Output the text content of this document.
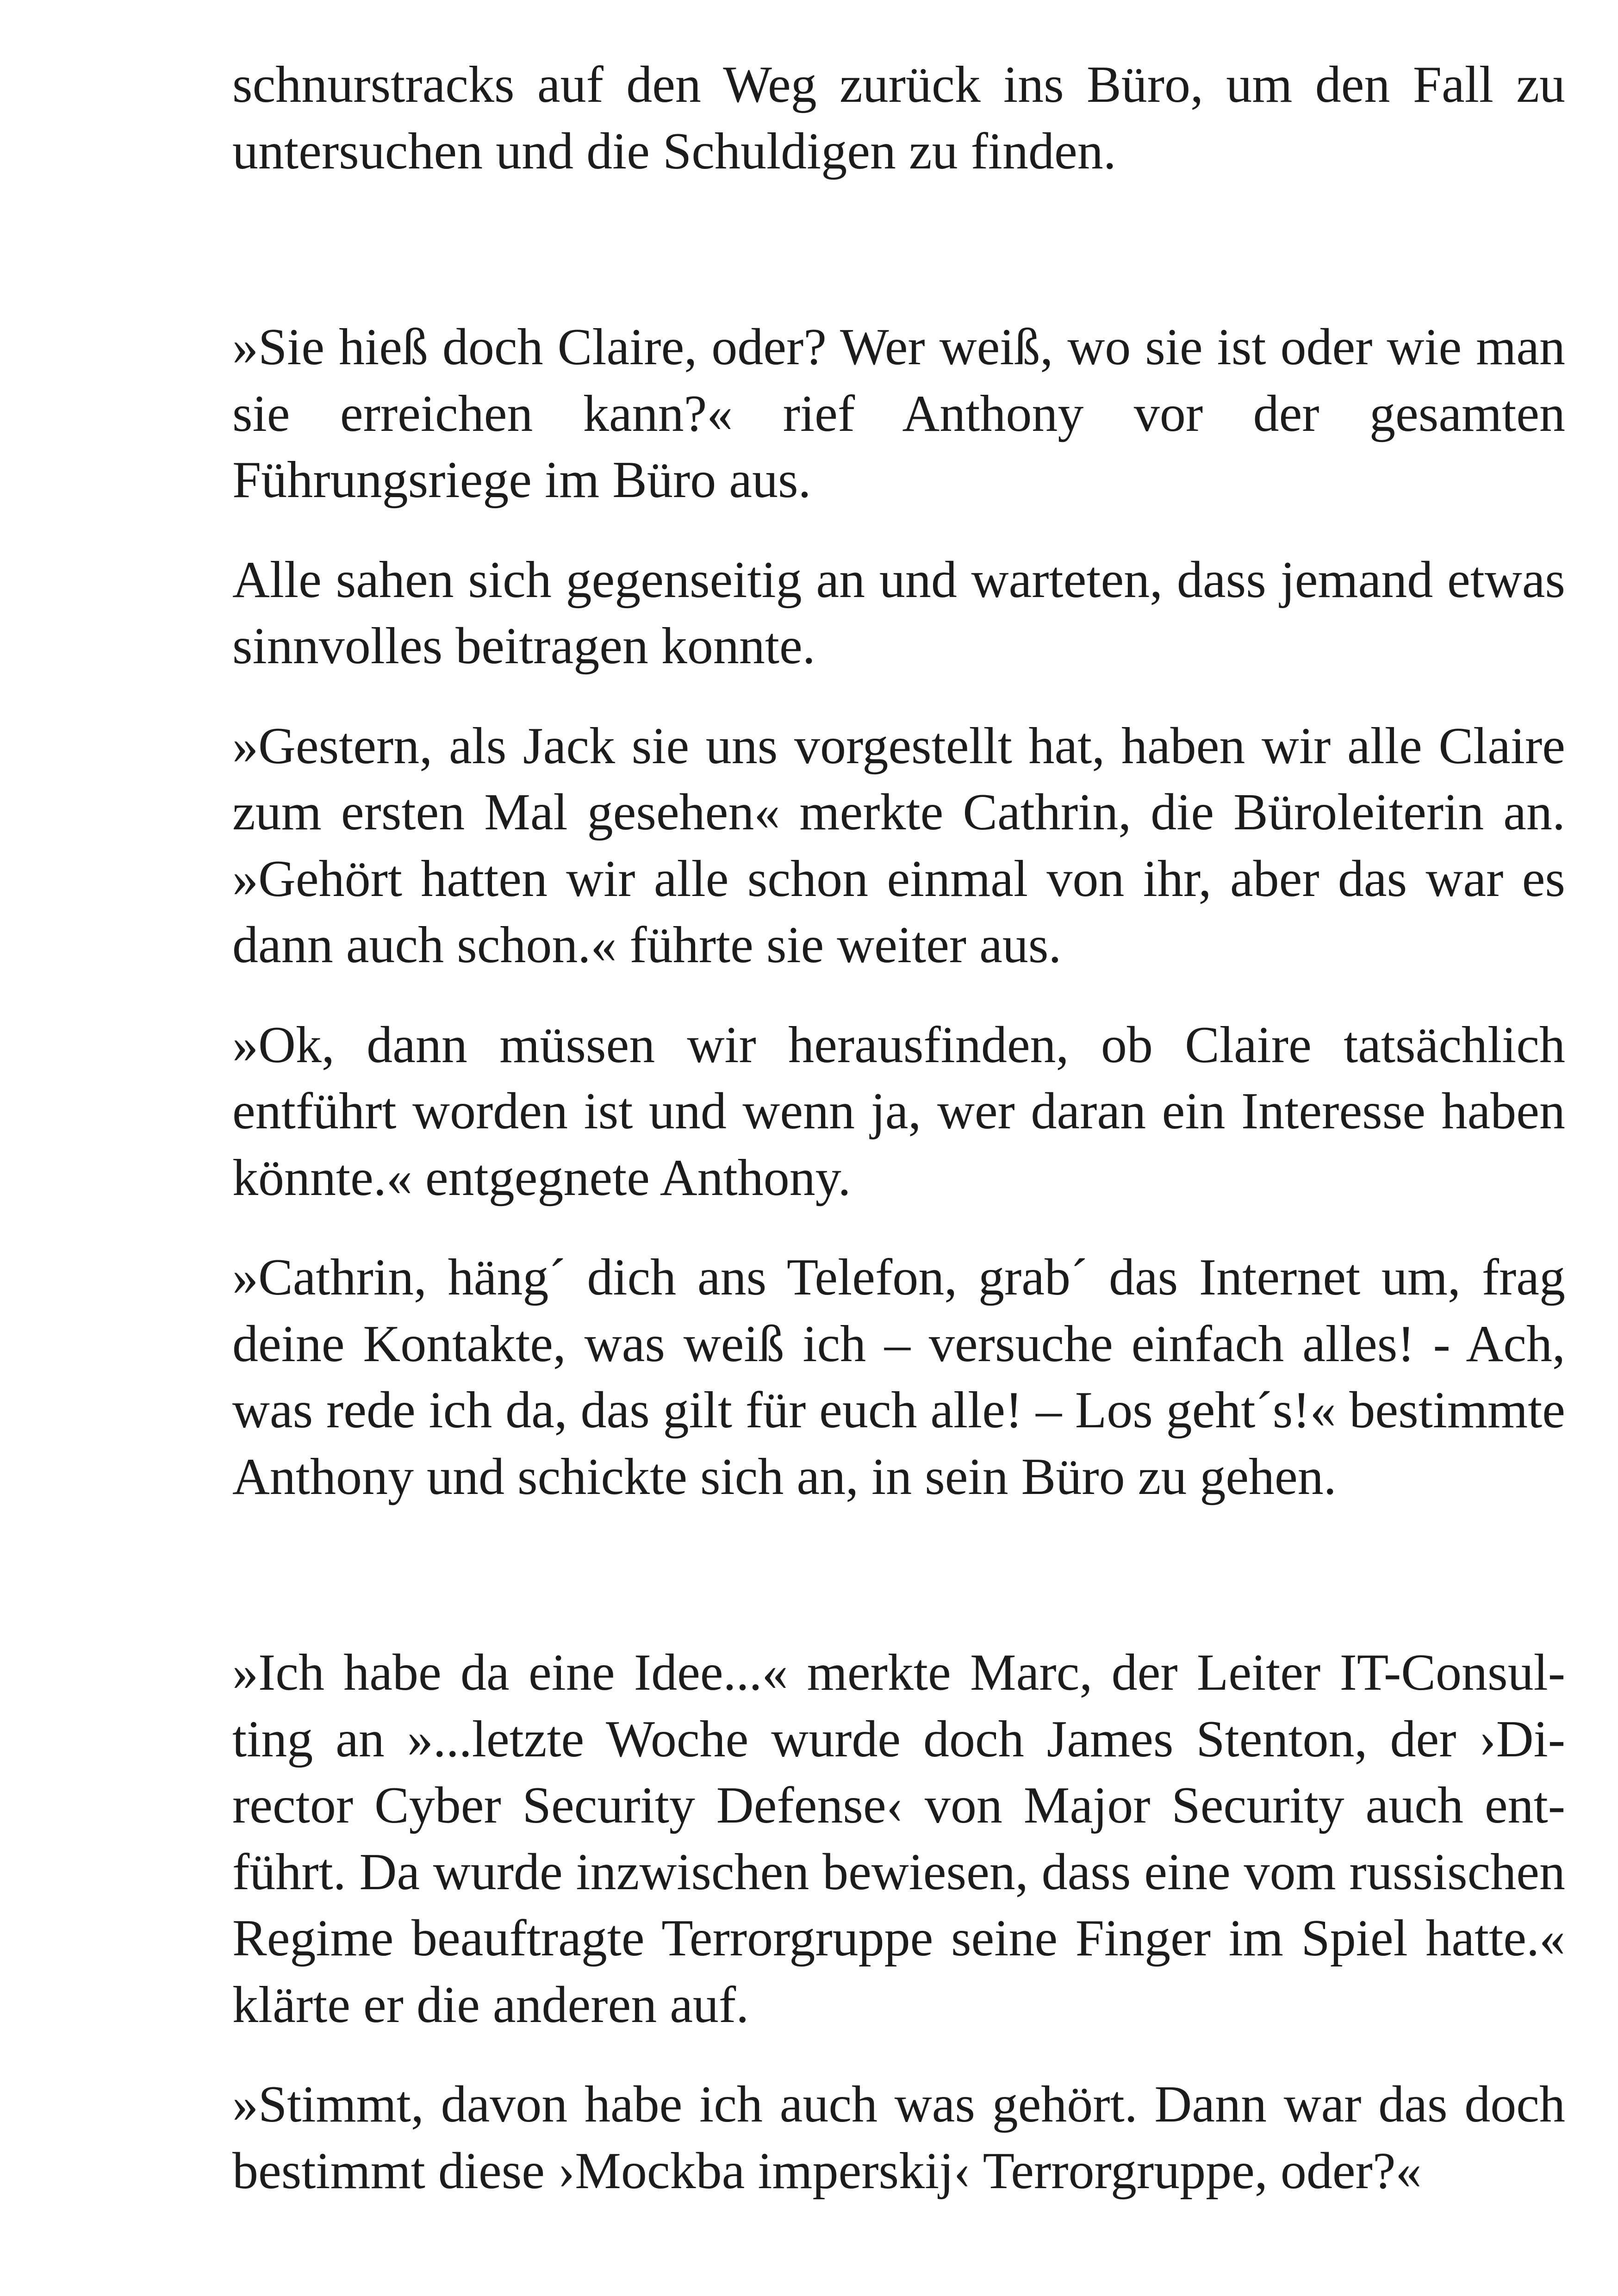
schnurstracks auf den Weg zurück ins Büro, um den Fall zu untersuchen und die Schuldigen zu finden.

»Sie hieß doch Claire, oder? Wer weiß, wo sie ist oder wie man sie erreichen kann?« rief Anthony vor der gesamten Führungsriege im Büro aus.

Alle sahen sich gegenseitig an und warteten, dass jemand etwas sinnvolles beitragen konnte.

»Gestern, als Jack sie uns vorgestellt hat, haben wir alle Claire zum ersten Mal gesehen« merkte Cathrin, die Büroleiterin an. »Gehört hatten wir alle schon einmal von ihr, aber das war es dann auch schon.« führte sie weiter aus.

»Ok, dann müssen wir herausfinden, ob Claire tatsächlich entführt worden ist und wenn ja, wer daran ein Interesse haben könnte.« entgegnete Anthony.

»Cathrin, häng´ dich ans Telefon, grab´ das Internet um, frag deine Kontakte, was weiß ich – versuche einfach alles! - Ach, was rede ich da, das gilt für euch alle! – Los geht´s!« bestimmte Anthony und schickte sich an, in sein Büro zu gehen.

»Ich habe da eine Idee...« merkte Marc, der Leiter IT-Consulting an »...letzte Woche wurde doch James Stenton, der ›Director Cyber Security Defense‹ von Major Security auch entführt. Da wurde inzwischen bewiesen, dass eine vom russischen Regime beauftragte Terrorgruppe seine Finger im Spiel hatte.« klärte er die anderen auf.

»Stimmt, davon habe ich auch was gehört. Dann war das doch bestimmt diese ›Mockba imperskij‹ Terrorgruppe, oder?«
